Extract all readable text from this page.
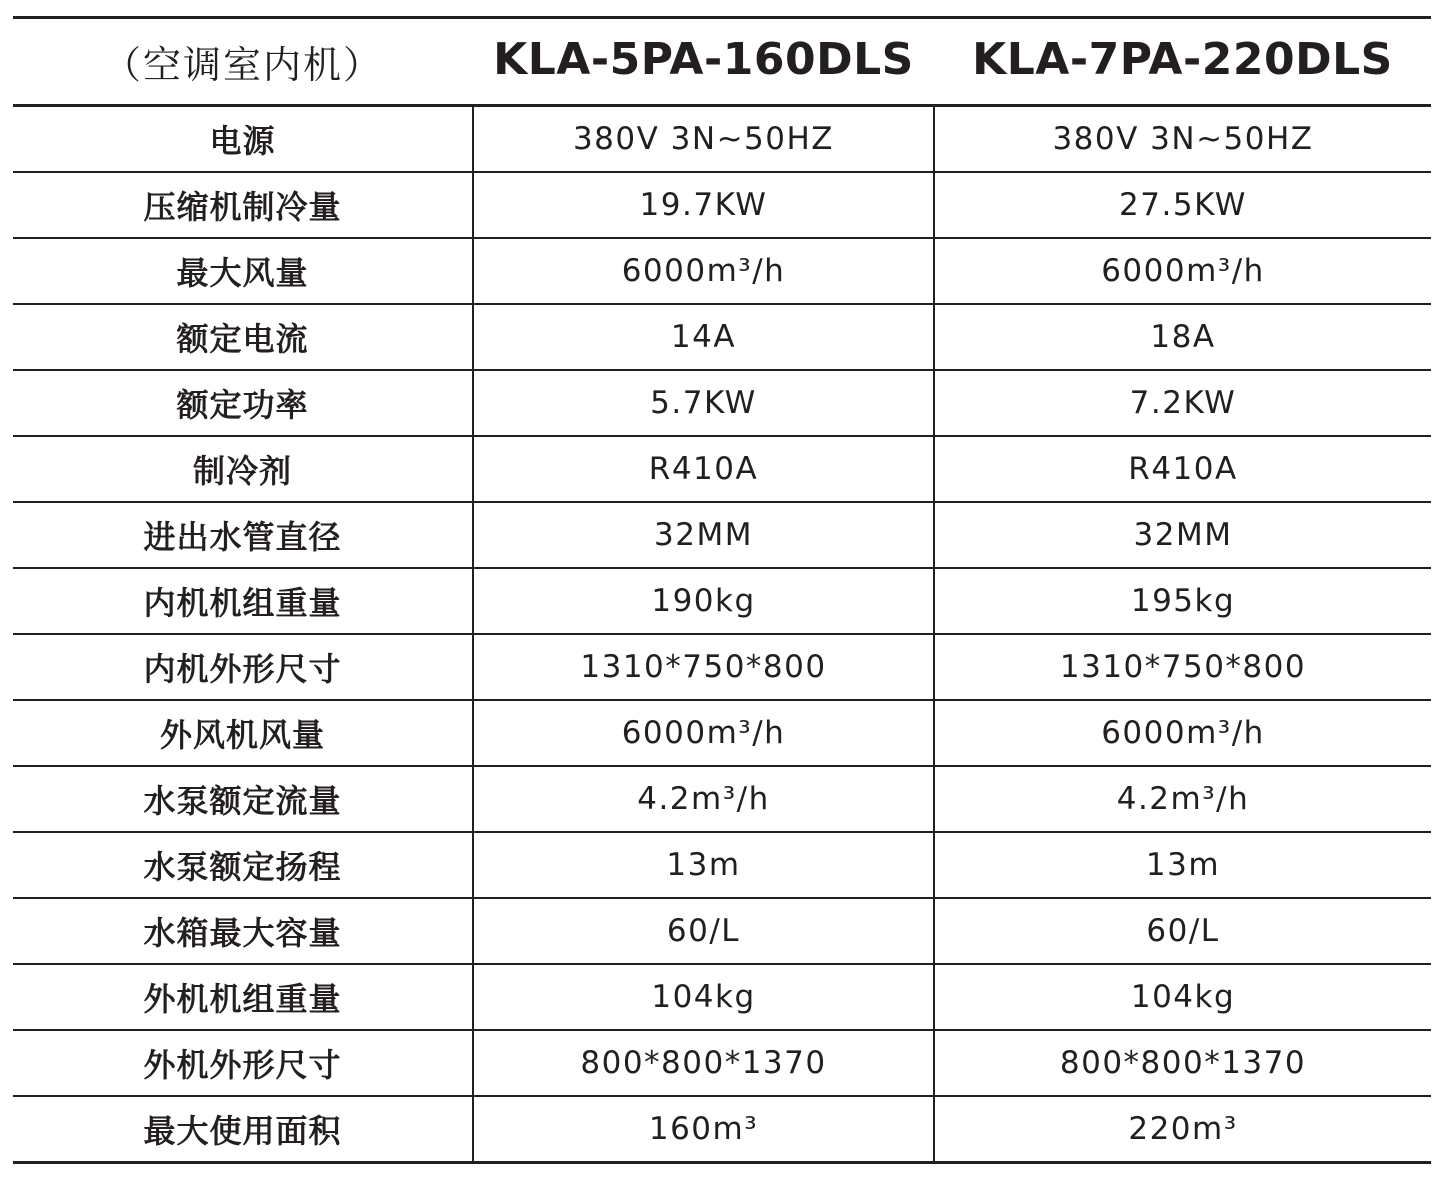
（空调室内机）	KLA-5PA-160DLS	KLA-7PA-220DLS
电源	380V 3N~50HZ	380V 3N~50HZ
压缩机制冷量	19.7KW	27.5KW
最大风量	6000m³/h	6000m³/h
额定电流	14A	18A
额定功率	5.7KW	7.2KW
制冷剂	R410A	R410A
进出水管直径	32MM	32MM
内机机组重量	190kg	195kg
内机外形尺寸	1310*750*800	1310*750*800
外风机风量	6000m³/h	6000m³/h
水泵额定流量	4.2m³/h	4.2m³/h
水泵额定扬程	13m	13m
水箱最大容量	60/L	60/L
外机机组重量	104kg	104kg
外机外形尺寸	800*800*1370	800*800*1370
最大使用面积	160m³	220m³
